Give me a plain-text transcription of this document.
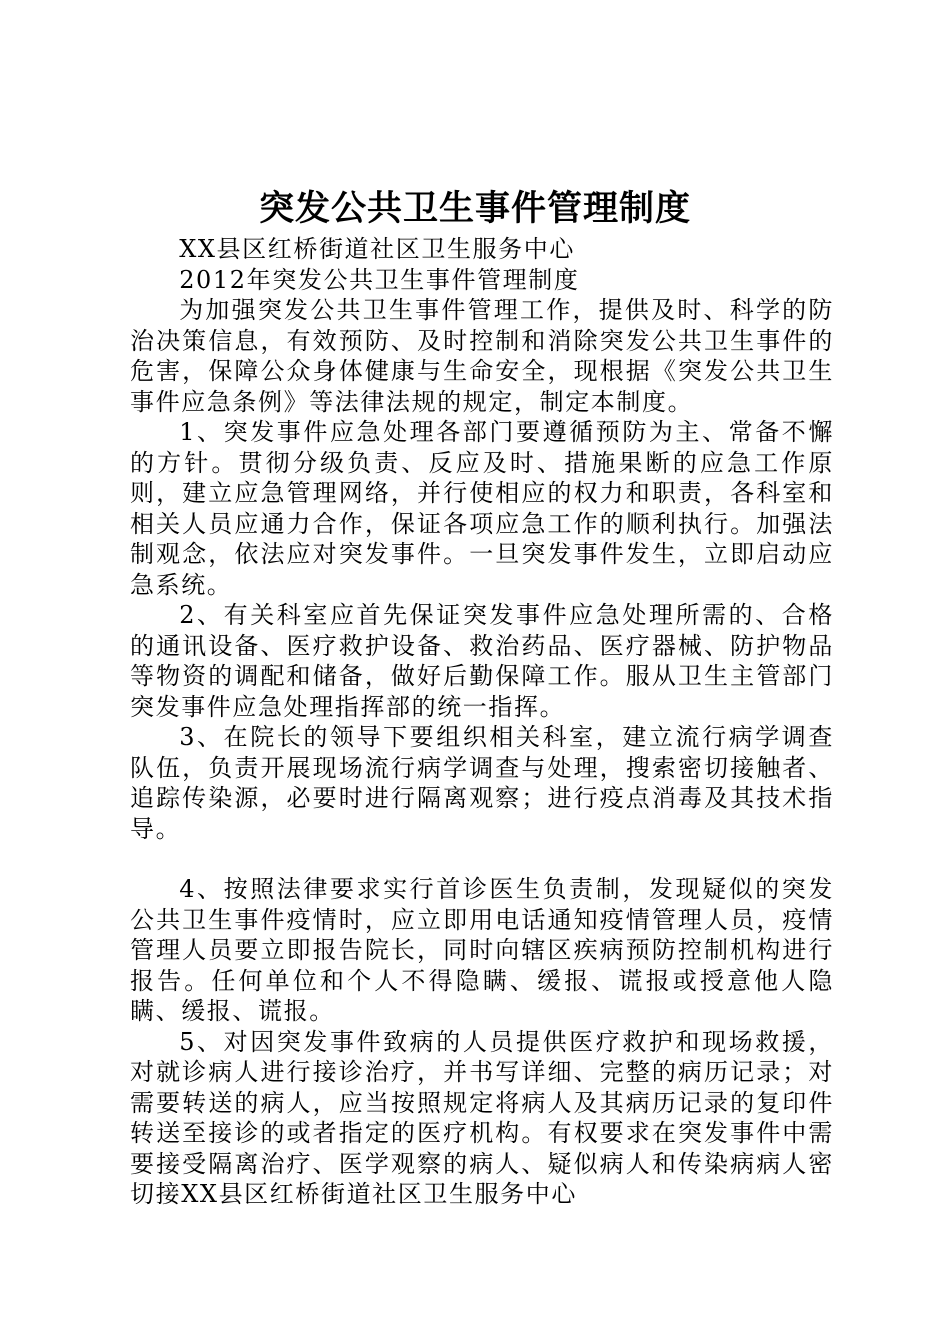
突发公共卫生事件管理制度

XX县区红桥街道社区卫生服务中心

2012年突发公共卫生事件管理制度

为加强突发公共卫生事件管理工作，提供及时、科学的防治决策信息，有效预防、及时控制和消除突发公共卫生事件的危害，保障公众身体健康与生命安全，现根据《突发公共卫生事件应急条例》等法律法规的规定，制定本制度。

1、突发事件应急处理各部门要遵循预防为主、常备不懈的方针。贯彻分级负责、反应及时、措施果断的应急工作原则，建立应急管理网络，并行使相应的权力和职责，各科室和相关人员应通力合作，保证各项应急工作的顺利执行。加强法制观念，依法应对突发事件。一旦突发事件发生，立即启动应急系统。

2、有关科室应首先保证突发事件应急处理所需的、合格的通讯设备、医疗救护设备、救治药品、医疗器械、防护物品等物资的调配和储备，做好后勤保障工作。服从卫生主管部门突发事件应急处理指挥部的统一指挥。

3、在院长的领导下要组织相关科室，建立流行病学调查队伍，负责开展现场流行病学调查与处理，搜索密切接触者、追踪传染源，必要时进行隔离观察；进行疫点消毒及其技术指导。

4、按照法律要求实行首诊医生负责制，发现疑似的突发公共卫生事件疫情时，应立即用电话通知疫情管理人员，疫情管理人员要立即报告院长，同时向辖区疾病预防控制机构进行报告。任何单位和个人不得隐瞒、缓报、谎报或授意他人隐瞒、缓报、谎报。

5、对因突发事件致病的人员提供医疗救护和现场救援，对就诊病人进行接诊治疗，并书写详细、完整的病历记录；对需要转送的病人，应当按照规定将病人及其病历记录的复印件转送至接诊的或者指定的医疗机构。有权要求在突发事件中需要接受隔离治疗、医学观察的病人、疑似病人和传染病病人密切接XX县区红桥街道社区卫生服务中心
